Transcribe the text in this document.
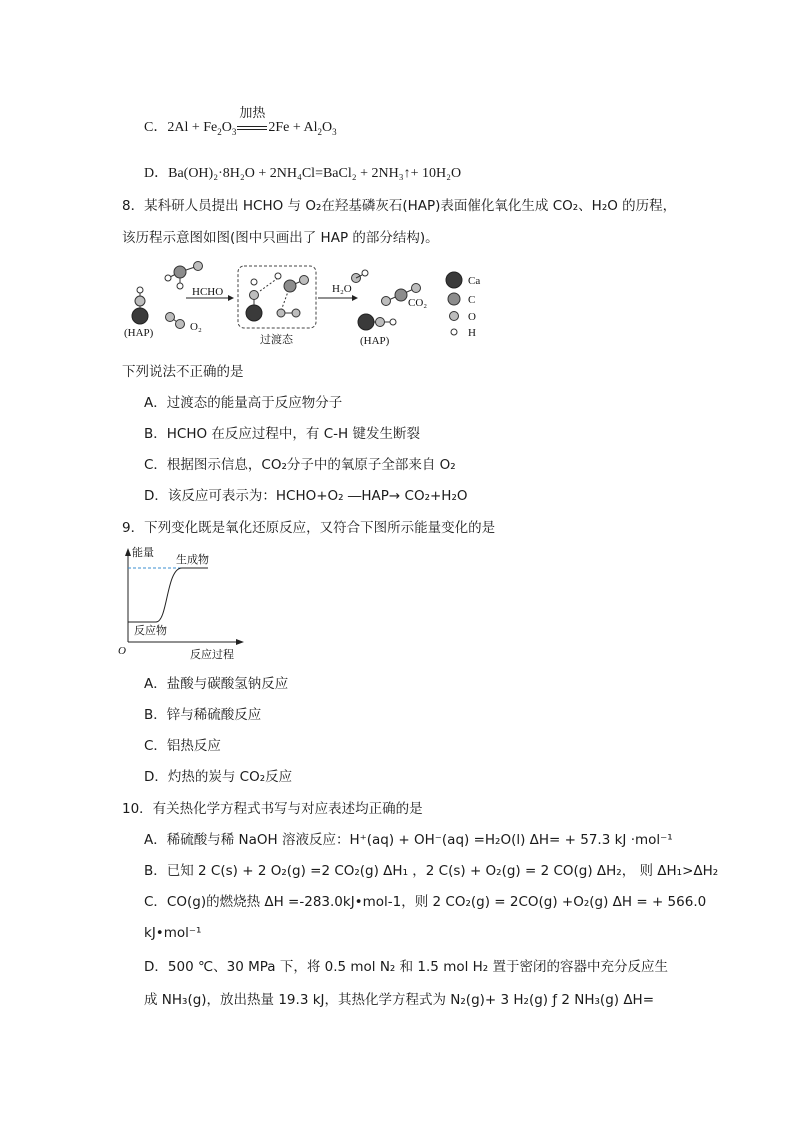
C．$2Al + Fe_2O_3$
加热
$2Fe + Al_2O_3$
D．Ba(OH)₂·8H₂O + 2NH₄Cl=BaCl₂ + 2NH₃↑+ 10H₂O
8．某科研人员提出 HCHO 与 O₂在羟基磷灰石(HAP)表面催化氧化生成 CO₂、H₂O 的历程，
该历程示意图如图(图中只画出了 HAP 的部分结构)。
(HAP)	O₂
HCHO
过渡态
H₂O
CO₂
(HAP)
Ca
C
O
H
下列说法不正确的是
A．过渡态的能量高于反应物分子
B．HCHO 在反应过程中，有 C-H 键发生断裂
C．根据图示信息，CO₂分子中的氧原子全部来自 O₂
D．该反应可表示为：HCHO+O₂ ―HAP→ CO₂+H₂O
9．下列变化既是氧化还原反应，又符合下图所示能量变化的是
能量
生成物
反应物
O	反应过程
A．盐酸与碳酸氢钠反应
B．锌与稀硫酸反应
C．铝热反应
D．灼热的炭与 CO₂反应
10．有关热化学方程式书写与对应表述均正确的是
A．稀硫酸与稀 NaOH 溶液反应：H⁺(aq) + OH⁻(aq) =H₂O(l) ΔH= + 57.3 kJ ·mol⁻¹
B．已知 2 C(s) + 2 O₂(g) =2 CO₂(g) ΔH₁ ，2 C(s) + O₂(g) = 2 CO(g) ΔH₂， 则 ΔH₁>ΔH₂
C．CO(g)的燃烧热 ΔH =-283.0kJ•mol-1，则 2 CO₂(g) = 2CO(g) +O₂(g) ΔH = + 566.0
kJ•mol⁻¹
D．500 ℃、30 MPa 下，将 0.5 mol N₂ 和 1.5 mol H₂ 置于密闭的容器中充分反应生
成 NH₃(g)，放出热量 19.3 kJ，其热化学方程式为 N₂(g)+ 3 H₂(g) ƒ 2 NH₃(g) ΔH=
